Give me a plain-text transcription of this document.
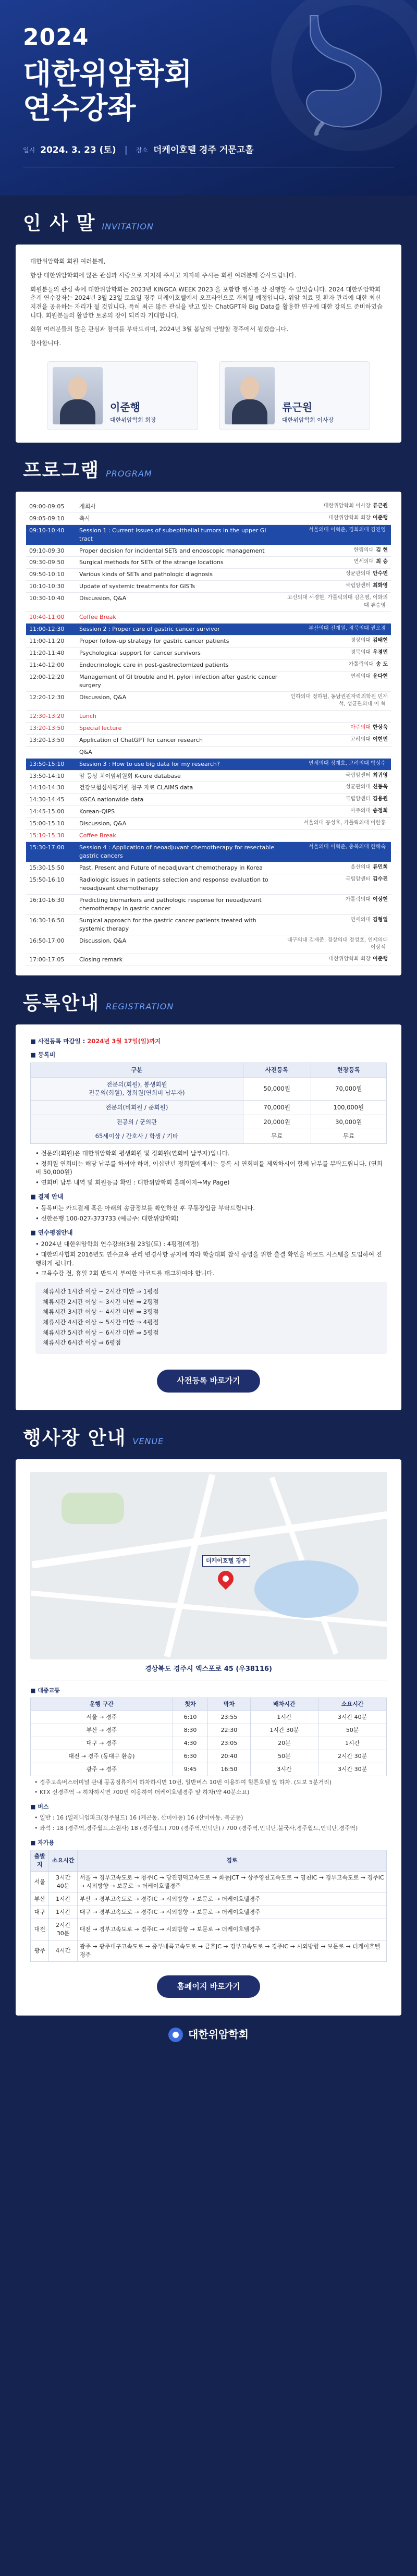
2024
대한위암학회
연수강좌
일시 2024. 3. 23 (토) | 장소 더케이호텔 경주 거문고홀
인 사 말 INVITATION

대한위암학회 회원 여러분께,

항상 대한위암학회에 많은 관심과 사랑으로 지지해 주시고 지지해 주시는 회원 여러분께 감사드립니다.

회원분들의 관심 속에 대한위암학회는 2023년 KINGCA WEEK 2023 을 포함한 행사를 잘 진행할 수 있었습니다. 2024 대한위암학회 춘계 연수강좌는 2024년 3월 23일 토요일 경주 더케이호텔에서 오프라인으로 개최될 예정입니다. 위암 치료 및 환자 관리에 대한 최신 지견을 공유하는 자리가 될 것입니다. 특히 최근 많은 관심을 받고 있는 ChatGPT와 Big Data를 활용한 연구에 대한 강의도 준비하였습니다. 회원분들의 활발한 토론의 장이 되리라 기대합니다.

회원 여러분들의 많은 관심과 참여를 부탁드리며, 2024년 3월 봄날의 만발할 경주에서 뵙겠습니다.

감사합니다.

이준행
대한위암학회 회장
류근원
대한위암학회 이사장
프로그램 PROGRAM
09:00-09:05	개회사	대한위암학회 이사장 류근원
09:05-09:10	축사	대한위암학회 회장 이준행
09:10-10:40	Session 1 : Current issues of subepithelial tumors in the upper GI tract	서울의대 이혁준, 경희의대 김진영
09:10-09:30	Proper decision for incidental SETs and endoscopic management	한림의대 김 현
09:30-09:50	Surgical methods for SETs of the strange locations	연세의대 최 승
09:50-10:10	Various kinds of SETs and pathologic diagnosis	성균관의대 안수민
10:10-10:30	Update of systemic treatments for GISTs	국립암센터 최화영
10:30-10:40	Discussion, Q&A	고신의대 서경현, 가톨릭의대 김은영, 이화의대 류승영
10:40-11:00	Coffee Break	
11:00-12:30	Session 2 : Proper care of gastric cancer survivor	부산의대 전재원, 경북의대 권오경
11:00-11:20	Proper follow-up strategy for gastric cancer patients	경상의대 김태현
11:20-11:40	Psychological support for cancer survivors	경북의대 우경민
11:40-12:00	Endocrinologic care in post-gastrectomized patients	가톨릭의대 송 도
12:00-12:20	Management of GI trouble and H. pylori infection after gastric cancer surgery	연세의대 윤다현
12:20-12:30	Discussion, Q&A	인하의대 정하원, 동남권원자력의학원 민재석, 성균관의대 이 혁
12:30-13:20	Lunch	
13:20-13:50	Special lecture	아주의대 한상욱
13:20-13:50	Application of ChatGPT for cancer research	고려의대 이현민
	Q&A	
13:50-15:10	Session 3 : How to use big data for my research?	연세의대 정재호, 고려의대 박성수
13:50-14:10	암 등상 치이암위원회 K-cure database	국립암센터 최귀영
14:10-14:30	건강보험심사평가원 청구 자료 CLAIMS data	성균관의대 신동욱
14:30-14:45	KGCA nationwide data	국립암센터 김용원
14:45-15:00	Korean-QIPS	아주의대 송정희
15:00-15:10	Discussion, Q&A	서울의대 공성호, 가톨릭의대 이한홍
15:10-15:30	Coffee Break	
15:30-17:00	Session 4 : Application of neoadjuvant chemotherapy for resectable gastric cancers	서울의대 이혁준, 충북의대 한해숙
15:30-15:50	Past, Present and Future of neoadjuvant chemotherapy in Korea	울산의대 류민희
15:50-16:10	Radiologic issues in patients selection and response evaluation to neoadjuvant chemotherapy	국립암센터 김수진
16:10-16:30	Predicting biomarkers and pathologic response for neoadjuvant chemotherapy in gastric cancer	가톨릭의대 이상현
16:30-16:50	Surgical approach for the gastric cancer patients treated with systemic therapy	연세의대 김형일
16:50-17:00	Discussion, Q&A	대구의대 김재준, 경상의대 정성호, 인제의대 이상석
17:00-17:05	Closing remark	대한위암학회 회장 이준행
등록안내 REGISTRATION
■ 사전등록 마감일 : 2024년 3월 17일(일)까지
■ 등록비
구분	사전등록	현장등록
전문의(회원), 봉생회원
전문의(회원), 정회원(연회비 납부자)	50,000원	70,000원
전문의(비회원 / 준회원)	70,000원	100,000원
전공의 / 군의관	20,000원	30,000원
65세이상 / 간호사 / 학생 / 기타	무료	무료
• 전문의(회원)은 대한위암학회 평생회원 및 정회원(연회비 납부자)입니다.
• 정회원 연회비는 해당 납부를 하셔야 하며, 이십만년 정회원에게서는 등록 시 연회비를 제외하시어 함께 납부를 부탁드립니다. (연회비 50,000원)
• 연회비 납부 내역 및 회원등급 확인 : 대한위암학회 홈페이지→My Page)
■ 결제 안내
• 등록비는 카드결제 혹은 아래의 송금정보를 확인하신 후 무통장입금 부탁드립니다.
• 신한은행 100-027-373733 (예금주: 대한위암학회)
■ 연수평점안내
• 2024년 대한위암학회 연수강좌(3월 23일(토) : 4평점(예정)
• 대한의사협회 2016년도 연수교육 관리 변경사항 공지에 따라 학술대회 참석 증명을 위한 출결 확인을 바코드 시스템을 도입하여 진행하게 됩니다.
• 교육수강 전, 휴일 2회 반드시 부여한 바코드를 태그하여야 합니다.
체류시간 1시간 이상 ~ 2시간 미만 ⇒ 1평점
체류시간 2시간 이상 ~ 3시간 미만 ⇒ 2평점
체류시간 3시간 이상 ~ 4시간 미만 ⇒ 3평점
체류시간 4시간 이상 ~ 5시간 미만 ⇒ 4평점
체류시간 5시간 이상 ~ 6시간 미만 ⇒ 5평점
체류시간 6시간 이상 ⇒ 6평점
사전등록 바로가기
☝
행사장 안내 VENUE
더케이호텔 경주
경상북도 경주시 엑스포로 45 (우38116)
■ 대중교통
운행 구간	첫차	막차	배차시간	소요시간
서울 → 경주	6:10	23:55	1시간	3시간 40분
부산 → 경주	8:30	22:30	1시간 30분	50분
대구 → 경주	4:30	23:05	20분	1시간
대전 → 경주 (동대구 환승)	6:30	20:40	50분	2시간 30분
광주 → 경주	9:45	16:50	3시간	3시간 30분
• 경주고속버스터미널 관내 공공정류에서 하차하시면 10번, 일반버스 10번 이용하여 힐튼호텔 앞 하차. (도보 5분거리)
• KTX 신경주역 → 하차하시면 700번 이용하여 더케이호텔경주 앞 하차(약 40분소요)
■ 버스
• 일반 : 16 (일레니엄파크(경주월드) 16 (케곤동, 산미아동) 16 (산미아동, 북군동)
• 좌석 : 18 (경주역,경주월드,소원사) 18 (경주월드) 700 (경주역,인덕단) / 700 (경주역,인덕단,불국사,경주월드,인덕단,경주역)
■ 자가용
출발지	소요시간	경로
서울	3시간 40분	서울 → 경부고속도로 → 청주IC → 당진영덕고속도로 → 화동JCT → 상주영천고속도로 → 영천IC → 경부고속도로 → 경주IC → 시외방향 → 보문로 → 더케이호텔경주
부산	1시간	부산 → 경부고속도로 → 경주IC → 시외방향 → 보문로 → 더케이호텔경주
대구	1시간	대구 → 경부고속도로 → 경주IC → 시외방향 → 보문로 → 더케이호텔경주
대전	2시간 30분	대전 → 경부고속도로 → 경주IC → 시외방향 → 보문로 → 더케이호텔경주
광주	4시간	광주 → 광주대구고속도로 → 중부내륙고속도로 → 금호JC → 경부고속도로 → 경주IC → 시외방향 → 보문로 → 더케이호텔경주
홈페이지 바로가기
☝
대한위암학회
